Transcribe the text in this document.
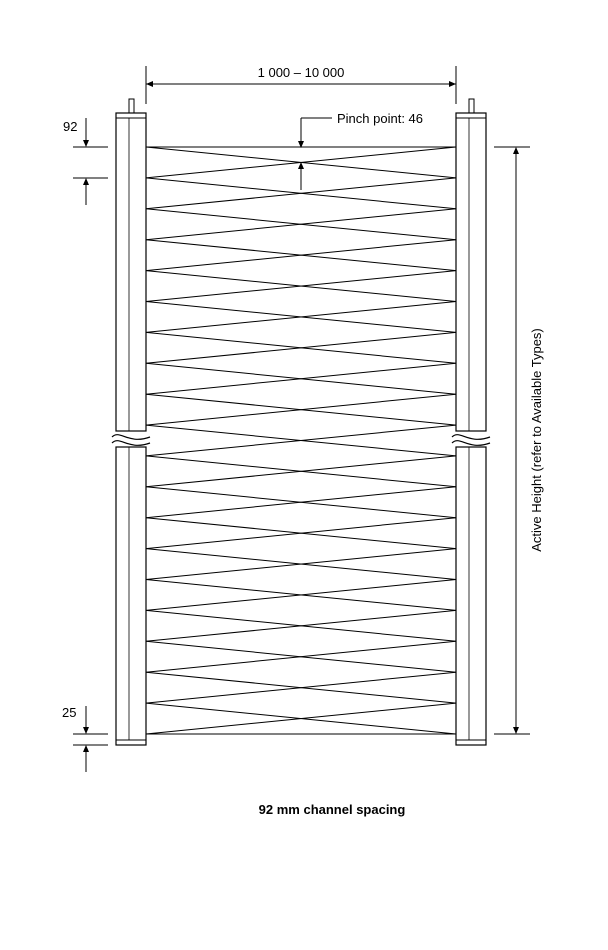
1 000 – 10 000
Pinch point: 46
92
25
Active Height (refer to Available Types)
92 mm channel spacing
